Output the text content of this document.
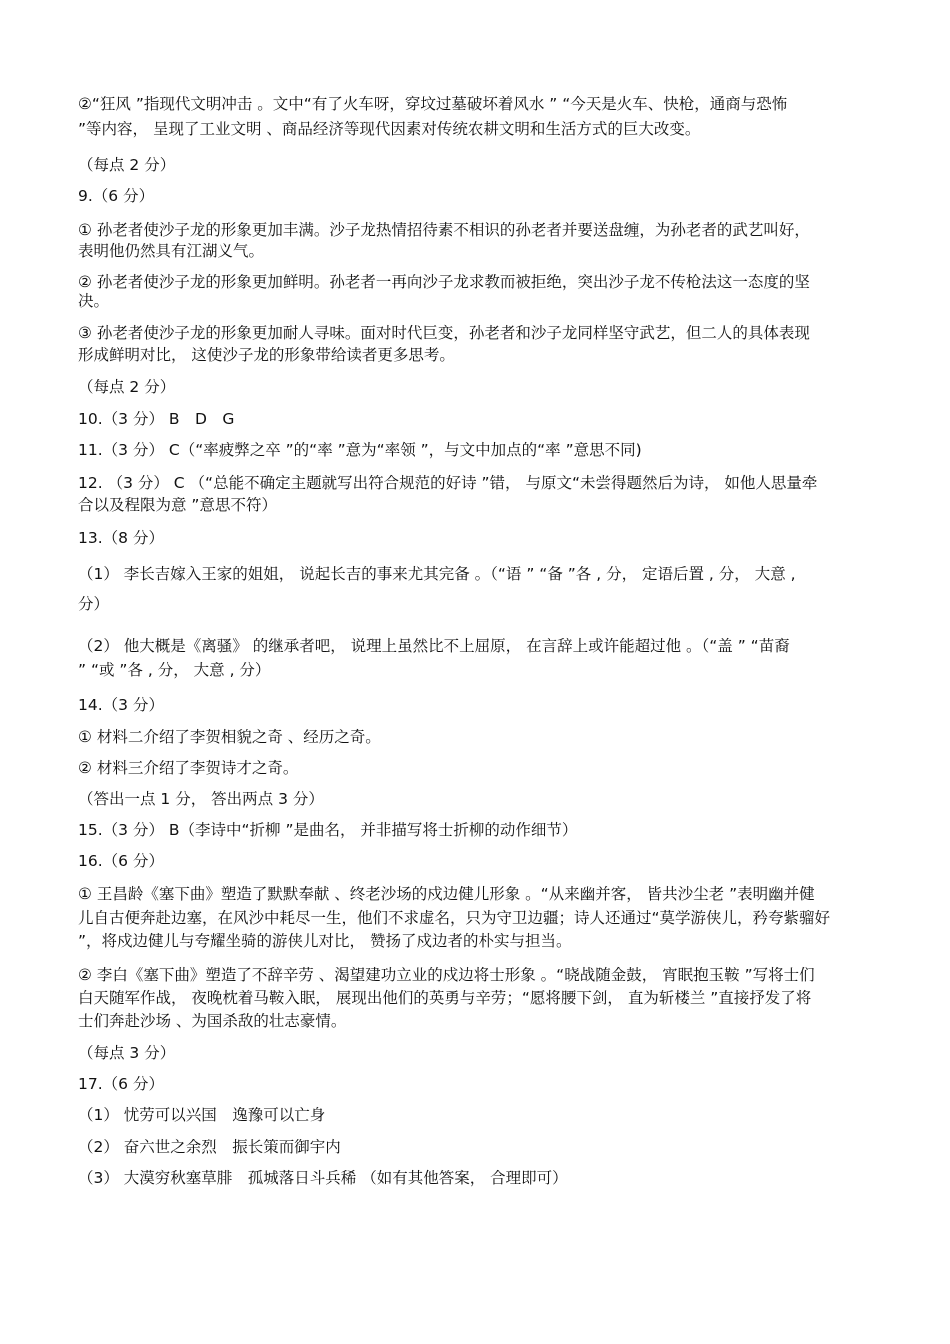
②“狂风 ”指现代文明冲击 。文中“有了火车呀，穿坟过墓破坏着风水 ” “今天是火车、快枪，通商与恐怖
”等内容， 呈现了工业文明 、商品经济等现代因素对传统农耕文明和生活方式的巨大改变。
（每点 2 分）
9.（6 分）
① 孙老者使沙子龙的形象更加丰满。沙子龙热情招待素不相识的孙老者并要送盘缠，为孙老者的武艺叫好，
表明他仍然具有江湖义气。
② 孙老者使沙子龙的形象更加鲜明。孙老者一再向沙子龙求教而被拒绝，突出沙子龙不传枪法这一态度的坚
决。
③ 孙老者使沙子龙的形象更加耐人寻味。面对时代巨变，孙老者和沙子龙同样坚守武艺，但二人的具体表现
形成鲜明对比， 这使沙子龙的形象带给读者更多思考。
（每点 2 分）
10.（3 分） B　D　G
11.（3 分） C（“率疲弊之卒 ”的“率 ”意为“率领 ”，与文中加点的“率 ”意思不同)
12. （3 分） C （“总能不确定主题就写出符合规范的好诗 ”错， 与原文“未尝得题然后为诗， 如他人思量牵
合以及程限为意 ”意思不符）
13.（8 分）
（1） 李长吉嫁入王家的姐姐， 说起长吉的事来尤其完备 。（“语 ” “备 ”各 , 分， 定语后置 , 分， 大意 ,
分）
（2） 他大概是《离骚》 的继承者吧， 说理上虽然比不上屈原， 在言辞上或许能超过他 。（“盖 ” “苗裔
” “或 ”各 , 分， 大意 , 分）
14.（3 分）
① 材料二介绍了李贺相貌之奇 、经历之奇。
② 材料三介绍了李贺诗才之奇。
（答出一点 1 分， 答出两点 3 分）
15.（3 分） B（李诗中“折柳 ”是曲名， 并非描写将士折柳的动作细节）
16.（6 分）
① 王昌龄《塞下曲》塑造了默默奉献 、终老沙场的戍边健儿形象 。“从来幽并客， 皆共沙尘老 ”表明幽并健
儿自古便奔赴边塞，在风沙中耗尽一生，他们不求虚名，只为守卫边疆；诗人还通过“莫学游侠儿，矜夸紫骝好
”，将戍边健儿与夸耀坐骑的游侠儿对比， 赞扬了戍边者的朴实与担当。
② 李白《塞下曲》塑造了不辞辛劳 、渴望建功立业的戍边将士形象 。“晓战随金鼓， 宵眠抱玉鞍 ”写将士们
白天随军作战， 夜晚枕着马鞍入眠， 展现出他们的英勇与辛劳；“愿将腰下剑， 直为斩楼兰 ”直接抒发了将
士们奔赴沙场 、为国杀敌的壮志豪情。
（每点 3 分）
17.（6 分）
（1） 忧劳可以兴国　逸豫可以亡身
（2） 奋六世之余烈　振长策而御宇内
（3） 大漠穷秋塞草腓　孤城落日斗兵稀 （如有其他答案， 合理即可）
